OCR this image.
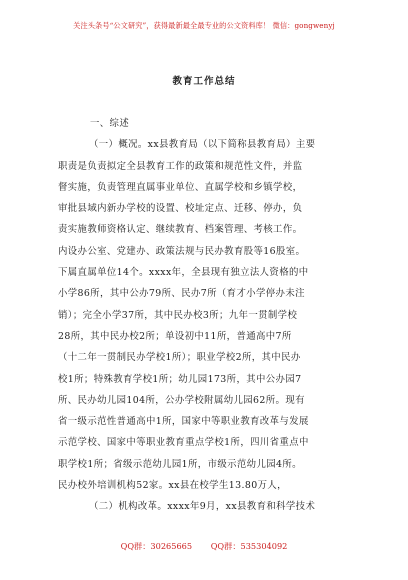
关注头条号“公文研究”，获得最新最全最专业的公文资料库！ 微信：gongwenyj
教育工作总结
一、综述
（一）概况。xx县教育局（以下简称县教育局）主要
职责是负责拟定全县教育工作的政策和规范性文件，并监
督实施，负责管理直属事业单位、直属学校和乡镇学校，
审批县域内新办学校的设置、校址定点、迁移、停办，负
责实施教师资格认定、继续教育、档案管理、考核工作。
内设办公室、党建办、政策法规与民办教育股等16股室。
下属直属单位14个。xxxx年，全县现有独立法人资格的中
小学86所，其中公办79所、民办7所（育才小学停办未注
销）；完全小学37所，其中民办校3所；九年一贯制学校
28所，其中民办校2所；单设初中11所，普通高中7所
（十二年一贯制民办学校1所）；职业学校2所，其中民办
校1所；特殊教育学校1所；幼儿园173所，其中公办园7
所、民办幼儿园104所，公办学校附属幼儿园62所。现有
省一级示范性普通高中1所，国家中等职业教育改革与发展
示范学校、国家中等职业教育重点学校1所，四川省重点中
职学校1所；省级示范幼儿园1所，市级示范幼儿园4所。
民办校外培训机构52家。xx县在校学生13.80万人，
（二）机构改革。xxxx年9月，xx县教育和科学技术
QQ群：30265665 QQ群：535304092
